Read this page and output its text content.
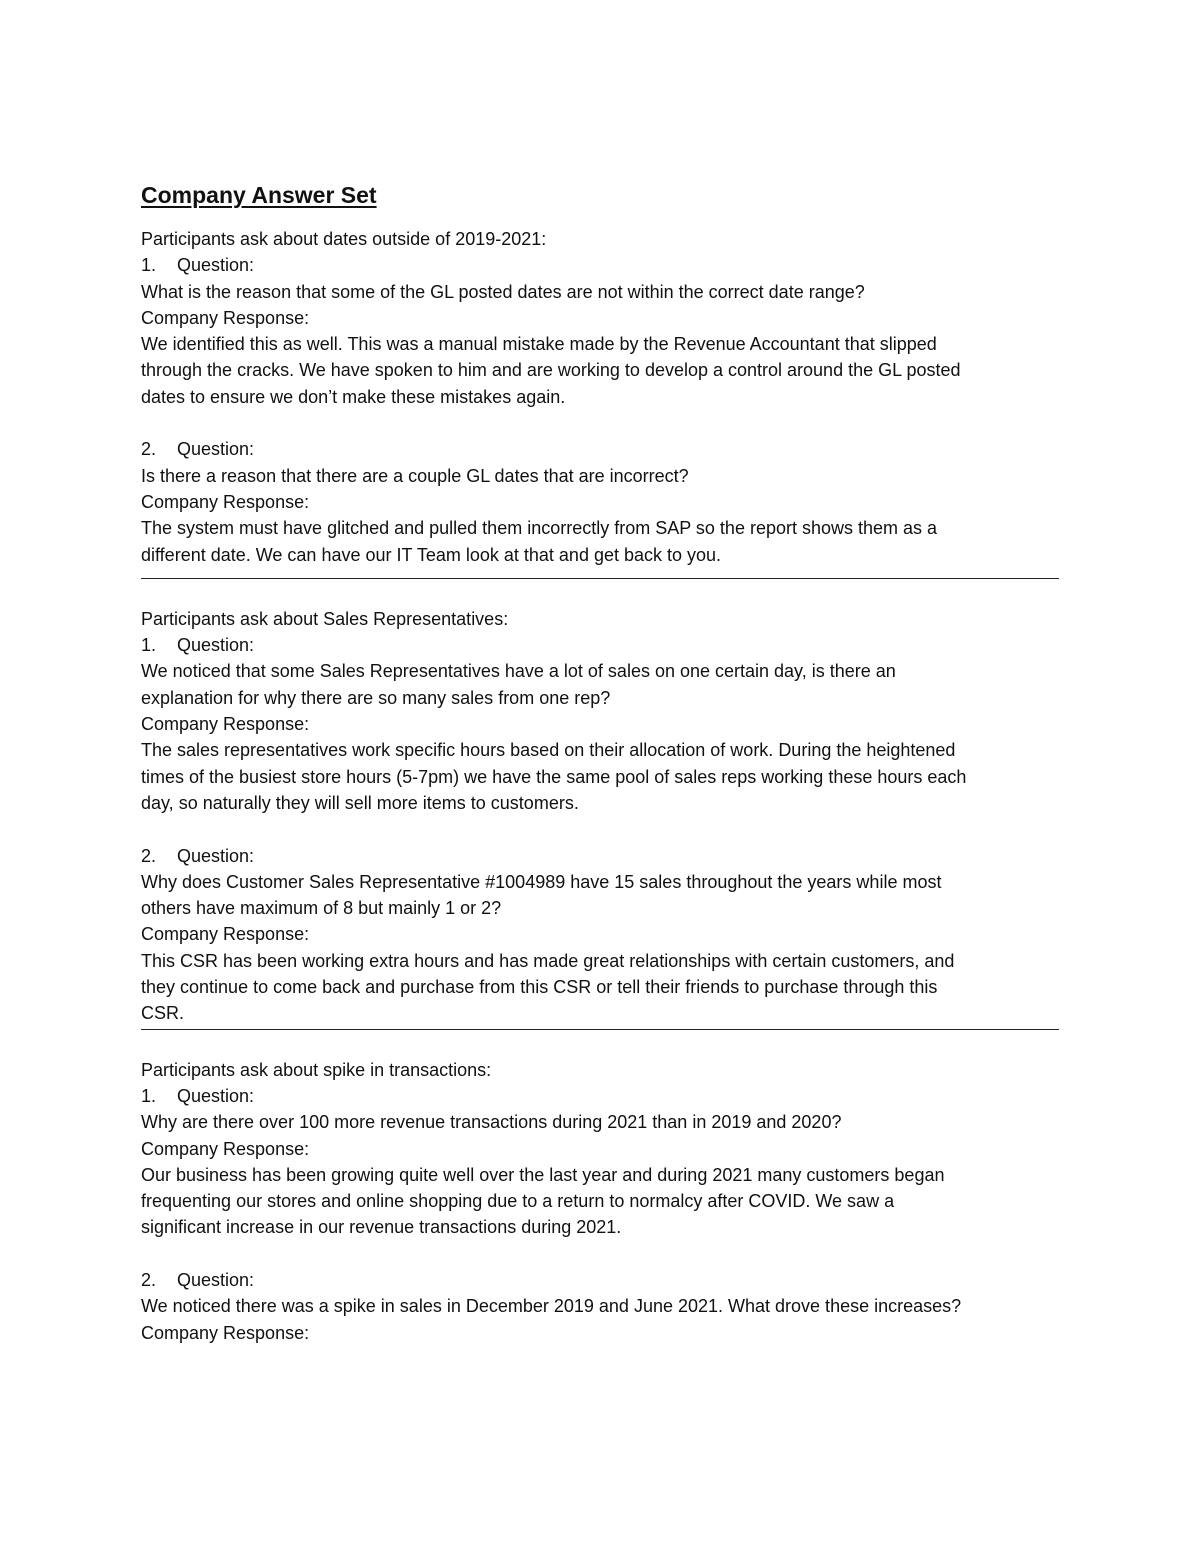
Company Answer Set
Participants ask about dates outside of 2019-2021:
1. Question:
What is the reason that some of the GL posted dates are not within the correct date range?
Company Response:
We identified this as well. This was a manual mistake made by the Revenue Accountant that slipped
through the cracks. We have spoken to him and are working to develop a control around the GL posted
dates to ensure we don’t make these mistakes again.
2. Question:
Is there a reason that there are a couple GL dates that are incorrect?
Company Response:
The system must have glitched and pulled them incorrectly from SAP so the report shows them as a
different date. We can have our IT Team look at that and get back to you.
Participants ask about Sales Representatives:
1. Question:
We noticed that some Sales Representatives have a lot of sales on one certain day, is there an
explanation for why there are so many sales from one rep?
Company Response:
The sales representatives work specific hours based on their allocation of work. During the heightened
times of the busiest store hours (5-7pm) we have the same pool of sales reps working these hours each
day, so naturally they will sell more items to customers.
2. Question:
Why does Customer Sales Representative #1004989 have 15 sales throughout the years while most
others have maximum of 8 but mainly 1 or 2?
Company Response:
This CSR has been working extra hours and has made great relationships with certain customers, and
they continue to come back and purchase from this CSR or tell their friends to purchase through this
CSR.
Participants ask about spike in transactions:
1. Question:
Why are there over 100 more revenue transactions during 2021 than in 2019 and 2020?
Company Response:
Our business has been growing quite well over the last year and during 2021 many customers began
frequenting our stores and online shopping due to a return to normalcy after COVID. We saw a
significant increase in our revenue transactions during 2021.
2. Question:
We noticed there was a spike in sales in December 2019 and June 2021. What drove these increases?
Company Response:
